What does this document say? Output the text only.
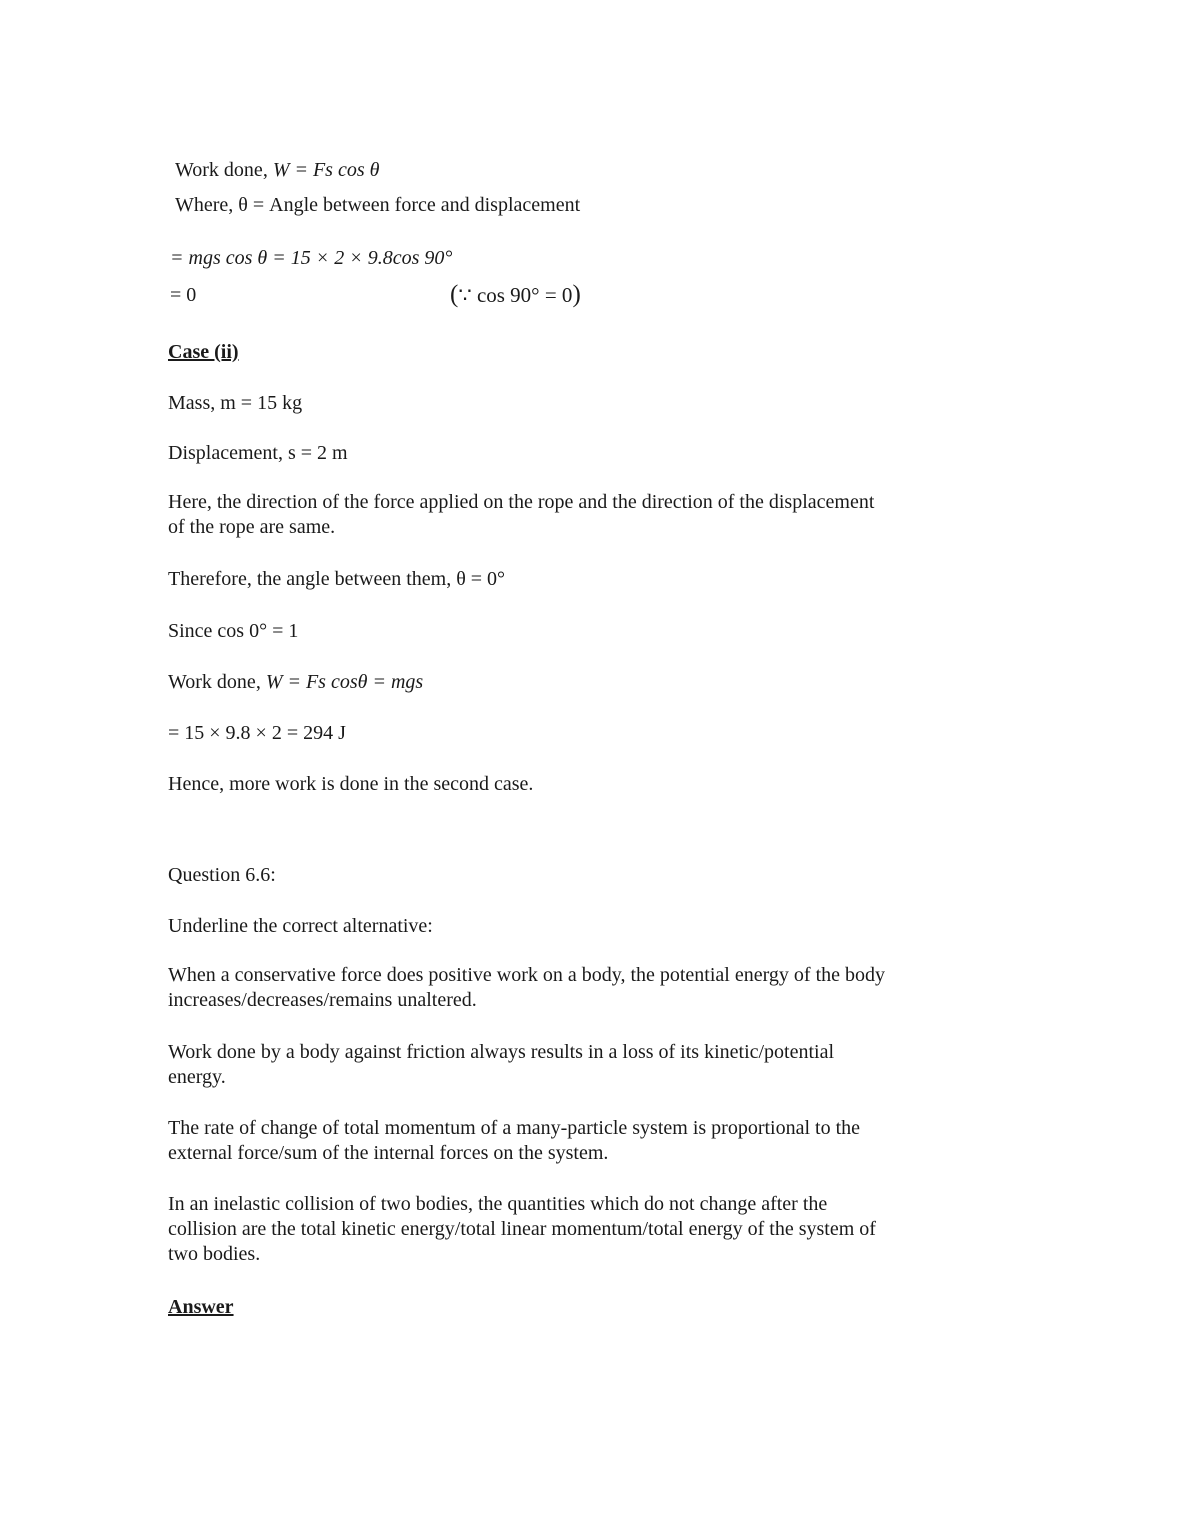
Work done, W = Fs cos θ
Where, θ = Angle between force and displacement
= mgs cos θ = 15 × 2 × 9.8cos 90°
= 0	(∵ cos 90° = 0)
Case (ii)
Mass, m = 15 kg
Displacement, s = 2 m
Here, the direction of the force applied on the rope and the direction of the displacement
of the rope are same.
Therefore, the angle between them, θ = 0°
Since cos 0° = 1
Work done, W = Fs cosθ = mgs
= 15 × 9.8 × 2 = 294 J
Hence, more work is done in the second case.
Question 6.6:
Underline the correct alternative:
When a conservative force does positive work on a body, the potential energy of the body
increases/decreases/remains unaltered.
Work done by a body against friction always results in a loss of its kinetic/potential
energy.
The rate of change of total momentum of a many-particle system is proportional to the
external force/sum of the internal forces on the system.
In an inelastic collision of two bodies, the quantities which do not change after the
collision are the total kinetic energy/total linear momentum/total energy of the system of
two bodies.
Answer
